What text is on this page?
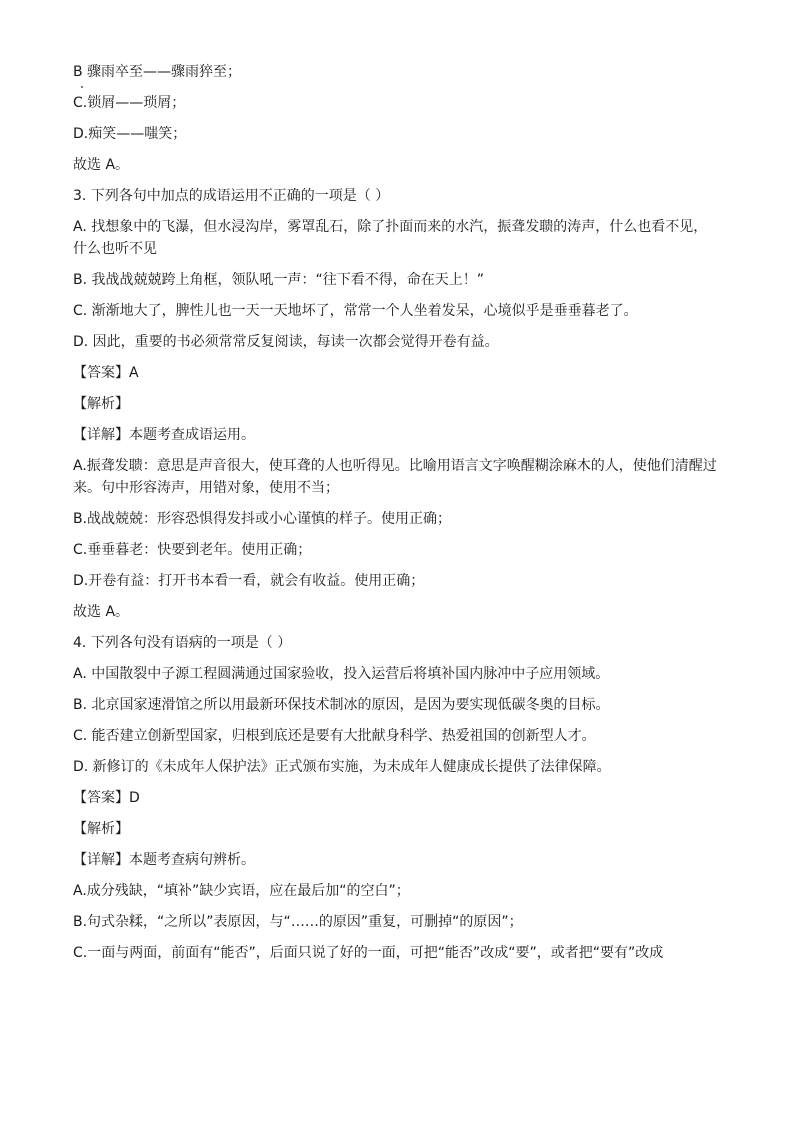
B 骤雨卒至——骤雨猝至；
C.锁屑——琐屑；
D.痴笑——嗤笑；
故选 A。
3. 下列各句中加点的成语运用不正确的一项是（ ）
A. 找想象中的飞瀑，但水浸沟岸，雾罩乱石，除了扑面而来的水汽，振聋发聩的涛声，什么也看不见，
什么也听不见
B. 我战战兢兢跨上角框，领队吼一声：“往下看不得，命在天上！”
C. 渐渐地大了，脾性儿也一天一天地坏了，常常一个人坐着发呆，心境似乎是垂垂暮老了。
D. 因此，重要的书必须常常反复阅读，每读一次都会觉得开卷有益。
【答案】A
【解析】
【详解】本题考查成语运用。
A.振聋发聩：意思是声音很大，使耳聋的人也听得见。比喻用语言文字唤醒糊涂麻木的人，使他们清醒过
来。句中形容涛声，用错对象，使用不当；
B.战战兢兢：形容恐惧得发抖或小心谨慎的样子。使用正确；
C.垂垂暮老：快要到老年。使用正确；
D.开卷有益：打开书本看一看，就会有收益。使用正确；
故选 A。
4. 下列各句没有语病的一项是（ ）
A. 中国散裂中子源工程圆满通过国家验收，投入运营后将填补国内脉冲中子应用领域。
B. 北京国家速滑馆之所以用最新环保技术制冰的原因，是因为要实现低碳冬奥的目标。
C. 能否建立创新型国家，归根到底还是要有大批献身科学、热爱祖国的创新型人才。
D. 新修订的《未成年人保护法》正式颁布实施，为未成年人健康成长提供了法律保障。
【答案】D
【解析】
【详解】本题考查病句辨析。
A.成分残缺，“填补”缺少宾语，应在最后加“的空白”；
B.句式杂糅，“之所以”表原因，与“……的原因”重复，可删掉“的原因”；
C.一面与两面，前面有“能否”，后面只说了好的一面，可把“能否”改成“要”，或者把“要有”改成
